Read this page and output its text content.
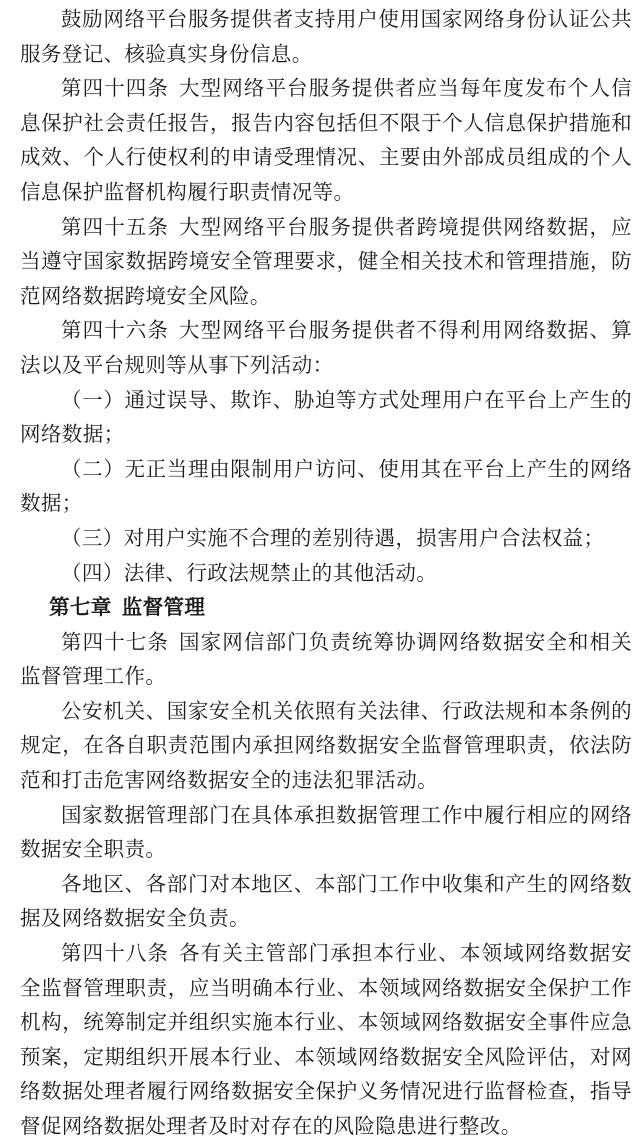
鼓励网络平台服务提供者支持用户使用国家网络身份认证公共服务登记、核验真实身份信息。

第四十四条 大型网络平台服务提供者应当每年度发布个人信息保护社会责任报告，报告内容包括但不限于个人信息保护措施和成效、个人行使权利的申请受理情况、主要由外部成员组成的个人信息保护监督机构履行职责情况等。

第四十五条 大型网络平台服务提供者跨境提供网络数据，应当遵守国家数据跨境安全管理要求，健全相关技术和管理措施，防范网络数据跨境安全风险。

第四十六条 大型网络平台服务提供者不得利用网络数据、算法以及平台规则等从事下列活动：

（一）通过误导、欺诈、胁迫等方式处理用户在平台上产生的网络数据；

（二）无正当理由限制用户访问、使用其在平台上产生的网络数据；

（三）对用户实施不合理的差别待遇，损害用户合法权益；

（四）法律、行政法规禁止的其他活动。

第七章 监督管理

第四十七条 国家网信部门负责统筹协调网络数据安全和相关监督管理工作。

公安机关、国家安全机关依照有关法律、行政法规和本条例的规定，在各自职责范围内承担网络数据安全监督管理职责，依法防范和打击危害网络数据安全的违法犯罪活动。

国家数据管理部门在具体承担数据管理工作中履行相应的网络数据安全职责。

各地区、各部门对本地区、本部门工作中收集和产生的网络数据及网络数据安全负责。

第四十八条 各有关主管部门承担本行业、本领域网络数据安全监督管理职责，应当明确本行业、本领域网络数据安全保护工作机构，统筹制定并组织实施本行业、本领域网络数据安全事件应急预案，定期组织开展本行业、本领域网络数据安全风险评估，对网络数据处理者履行网络数据安全保护义务情况进行监督检查，指导督促网络数据处理者及时对存在的风险隐患进行整改。
